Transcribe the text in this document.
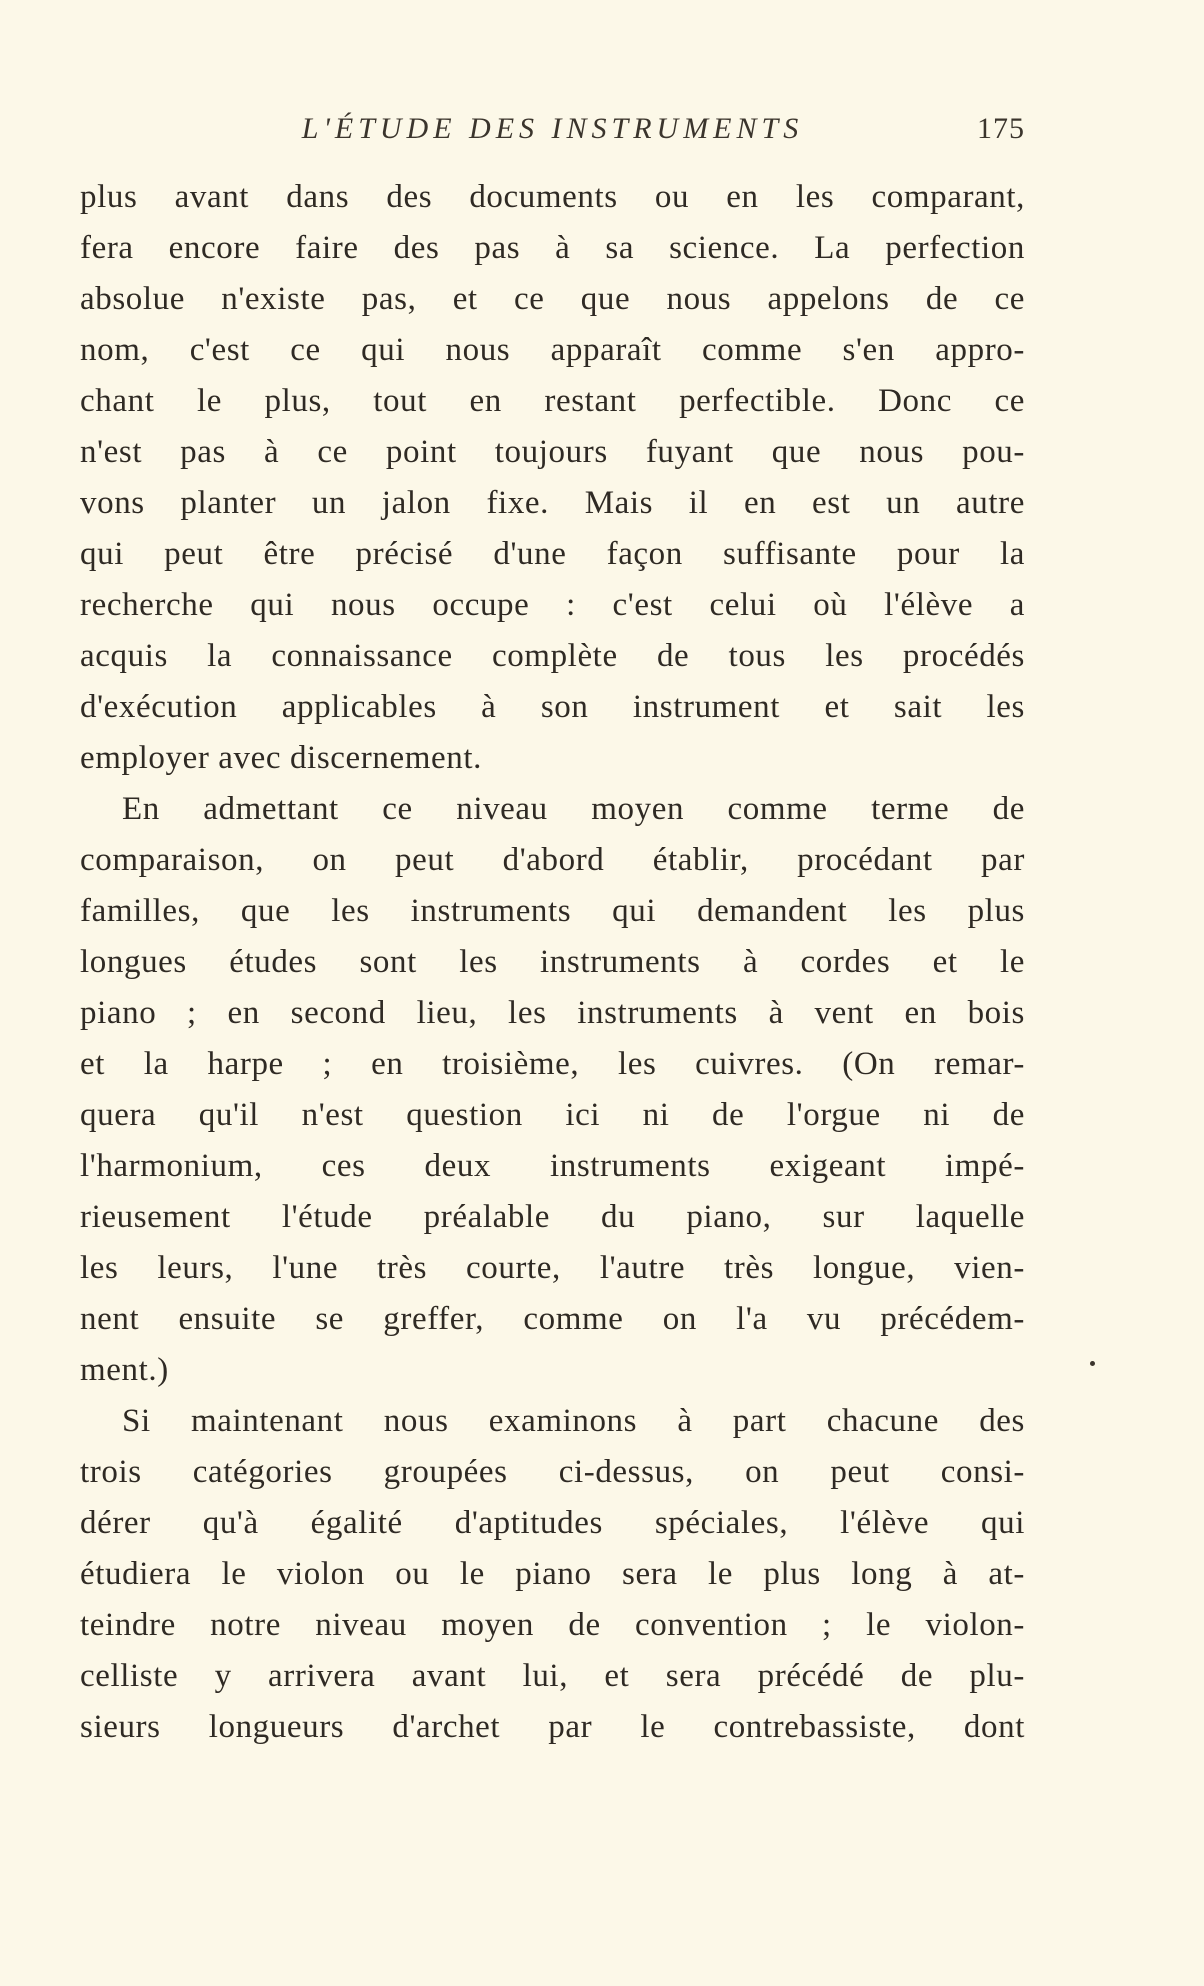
L'ÉTUDE DES INSTRUMENTS	175
plus avant dans des documents ou en les comparant,
fera encore faire des pas à sa science. La perfection
absolue n'existe pas, et ce que nous appelons de ce
nom, c'est ce qui nous apparaît comme s'en appro-
chant le plus, tout en restant perfectible. Donc ce
n'est pas à ce point toujours fuyant que nous pou-
vons planter un jalon fixe. Mais il en est un autre
qui peut être précisé d'une façon suffisante pour la
recherche qui nous occupe : c'est celui où l'élève a
acquis la connaissance complète de tous les procédés
d'exécution applicables à son instrument et sait les
employer avec discernement.
En admettant ce niveau moyen comme terme de
comparaison, on peut d'abord établir, procédant par
familles, que les instruments qui demandent les plus
longues études sont les instruments à cordes et le
piano ; en second lieu, les instruments à vent en bois
et la harpe ; en troisième, les cuivres. (On remar-
quera qu'il n'est question ici ni de l'orgue ni de
l'harmonium, ces deux instruments exigeant impé-
rieusement l'étude préalable du piano, sur laquelle
les leurs, l'une très courte, l'autre très longue, vien-
nent ensuite se greffer, comme on l'a vu précédem-
ment.)
Si maintenant nous examinons à part chacune des
trois catégories groupées ci-dessus, on peut consi-
dérer qu'à égalité d'aptitudes spéciales, l'élève qui
étudiera le violon ou le piano sera le plus long à at-
teindre notre niveau moyen de convention ; le violon-
celliste y arrivera avant lui, et sera précédé de plu-
sieurs longueurs d'archet par le contrebassiste, dont
